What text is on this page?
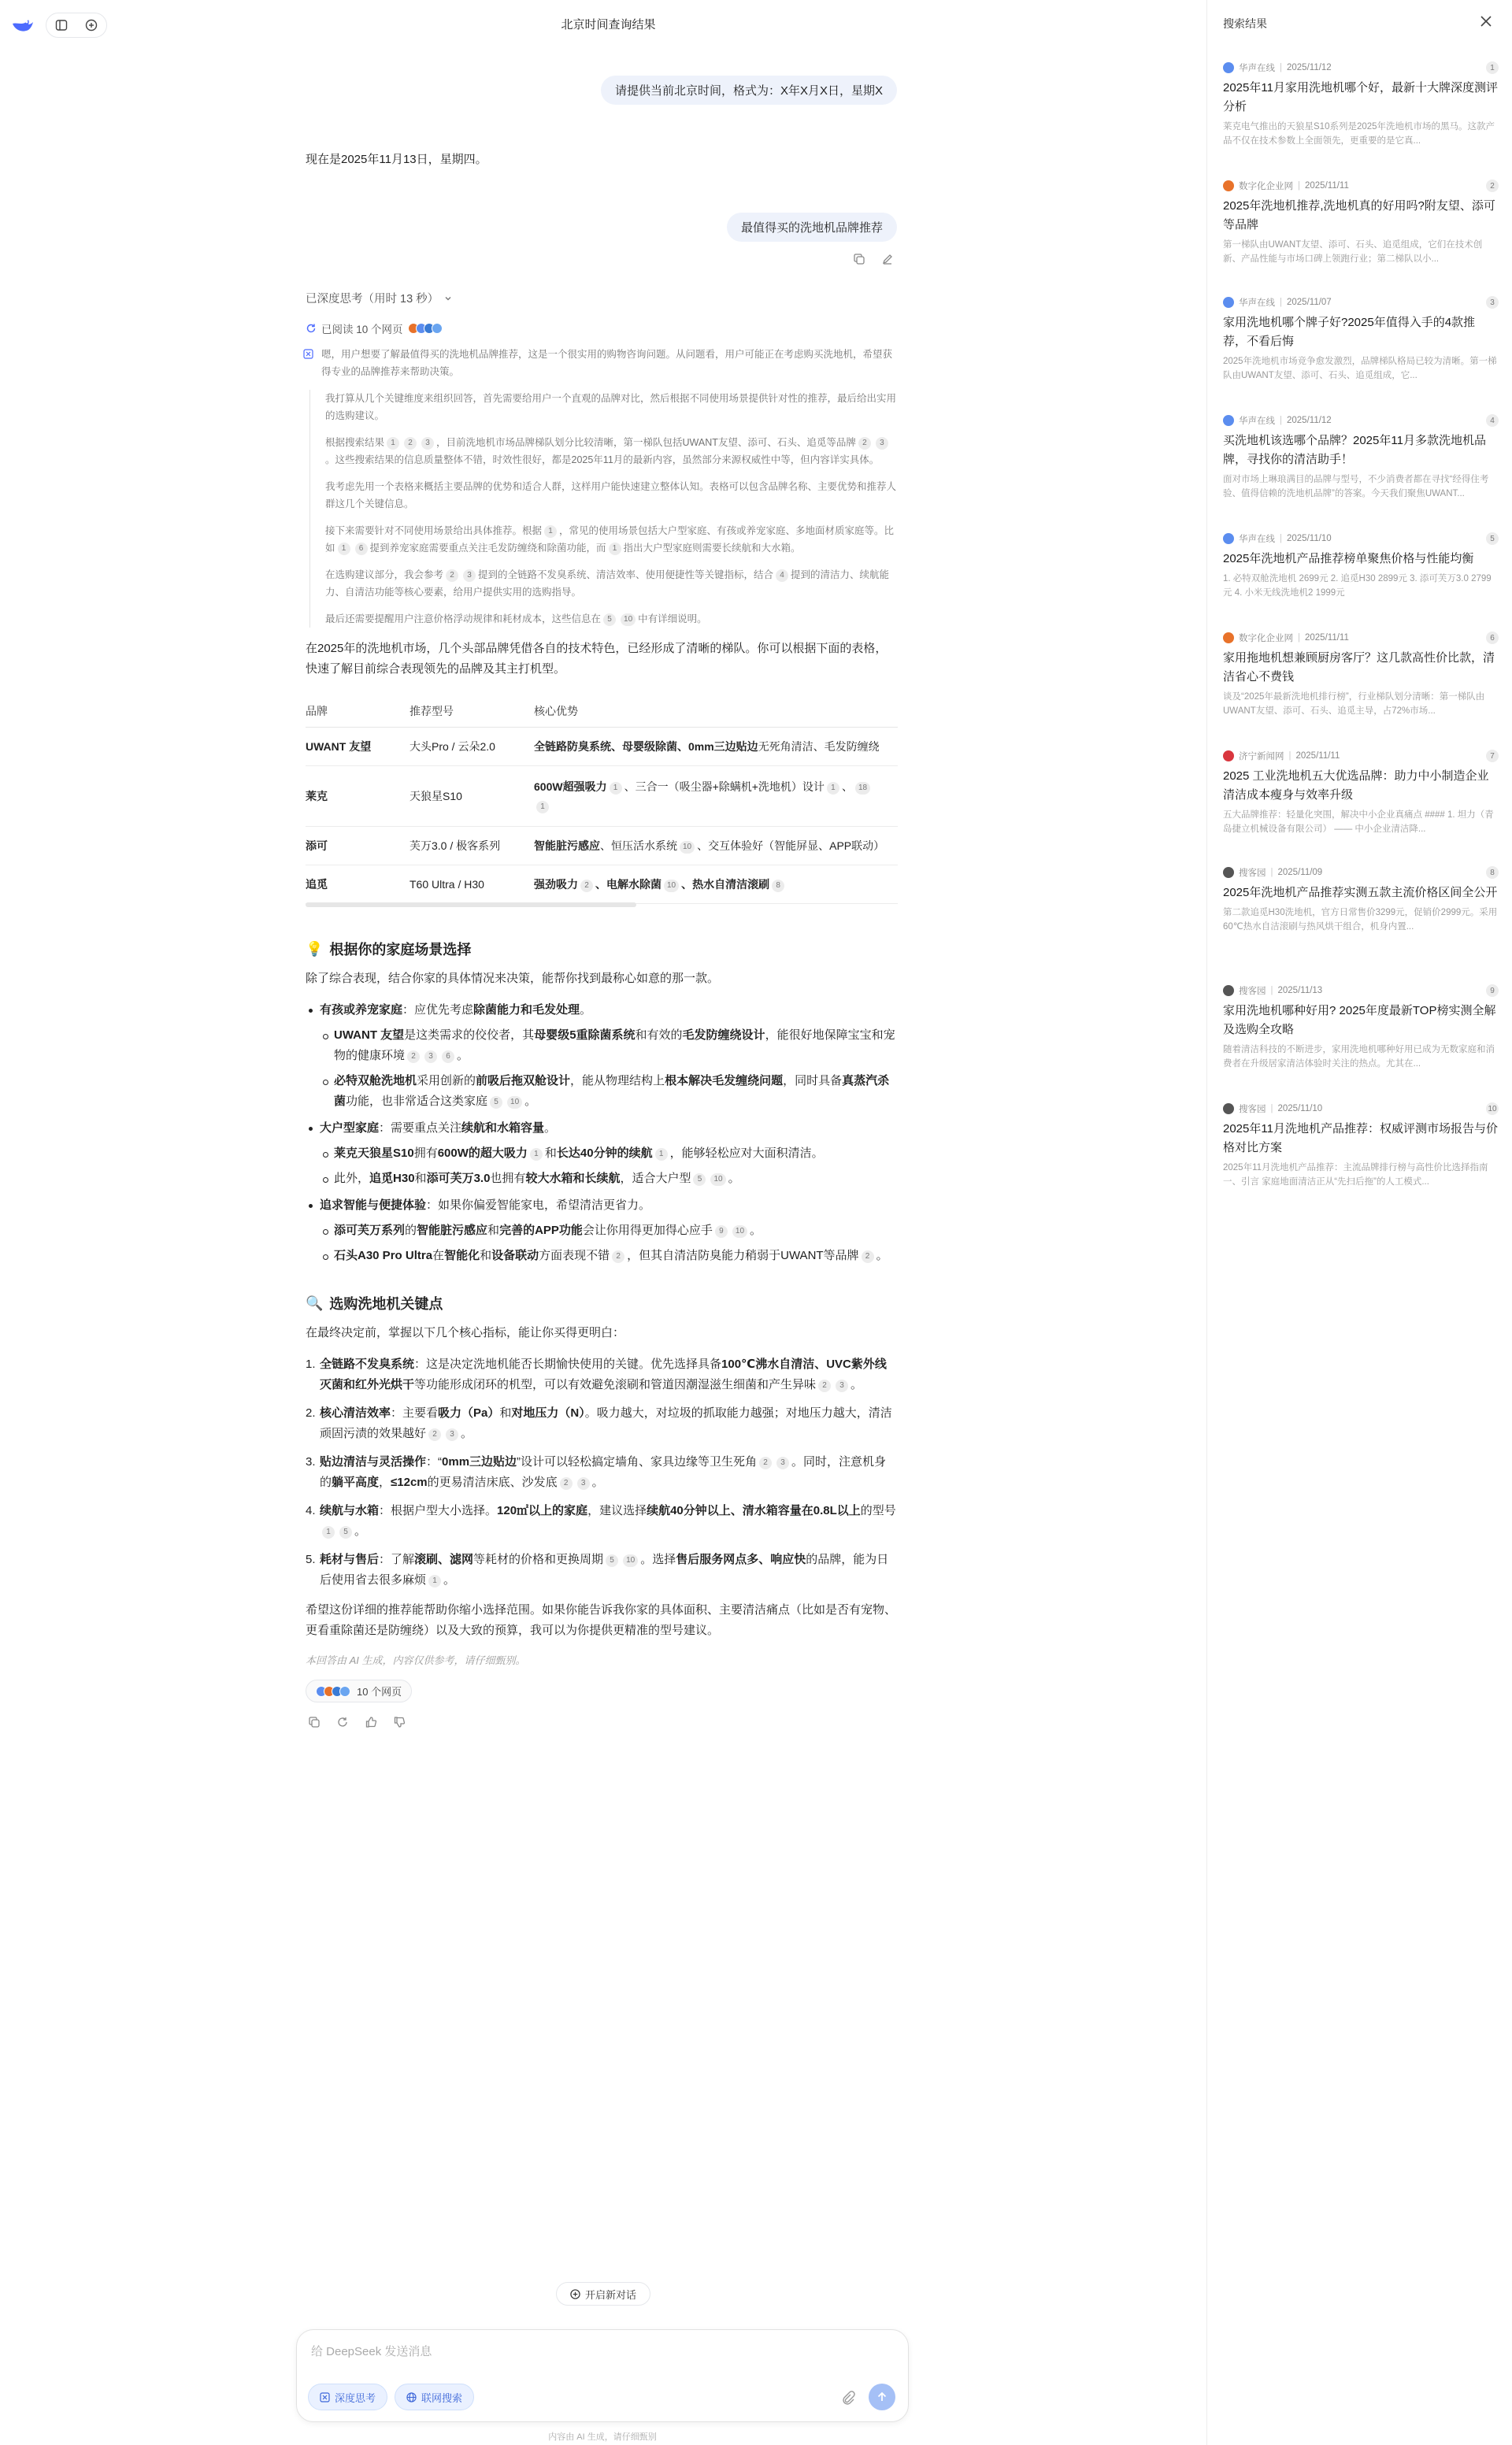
北京时间查询结果
请提供当前北京时间，格式为：X年X月X日，星期X
现在是2025年11月13日，星期四。
最值得买的洗地机品牌推荐
已深度思考（用时 13 秒）
已阅读 10 个网页

嗯，用户想要了解最值得买的洗地机品牌推荐，这是一个很实用的购物咨询问题。从问题看，用户可能正在考虑购买洗地机，希望获得专业的品牌推荐来帮助决策。

我打算从几个关键维度来组织回答，首先需要给用户一个直观的品牌对比，然后根据不同使用场景提供针对性的推荐，最后给出实用的选购建议。

根据搜索结果 1 2 3 ，目前洗地机市场品牌梯队划分比较清晰，第一梯队包括UWANT友望、添可、石头、追觅等品牌 2 3。这些搜索结果的信息质量整体不错，时效性很好，都是2025年11月的最新内容，虽然部分来源权威性中等，但内容详实具体。

我考虑先用一个表格来概括主要品牌的优势和适合人群，这样用户能快速建立整体认知。表格可以包含品牌名称、主要优势和推荐人群这几个关键信息。

接下来需要针对不同使用场景给出具体推荐。根据 1 ，常见的使用场景包括大户型家庭、有孩或养宠家庭、多地面材质家庭等。比如 1 6 提到养宠家庭需要重点关注毛发防缠绕和除菌功能，而 1 指出大户型家庭则需要长续航和大水箱。

在选购建议部分，我会参考 2 3 提到的全链路不发臭系统、清洁效率、使用便捷性等关键指标，结合 4 提到的清洁力、续航能力、自清洁功能等核心要素，给用户提供实用的选购指导。

最后还需要提醒用户注意价格浮动规律和耗材成本，这些信息在 5 10 中有详细说明。

在2025年的洗地机市场，几个头部品牌凭借各自的技术特色，已经形成了清晰的梯队。你可以根据下面的表格，快速了解目前综合表现领先的品牌及其主打机型。

品牌	推荐型号	核心优势
UWANT 友望	大头Pro / 云朵2.0	全链路防臭系统、母婴级除菌、0mm三边贴边无死角清洁、毛发防缠绕
莱克	天狼星S10	600W超强吸力 1 、三合一（吸尘器+除螨机+洗地机）设计 1 、 18
1
添可	芙万3.0 / 极客系列	智能脏污感应、恒压活水系统 10 、交互体验好（智能屏显、APP联动）
追觅	T60 Ultra / H30	强劲吸力 2 、电解水除菌 10 、热水自清洁滚刷 8
💡 根据你的家庭场景选择

除了综合表现，结合你家的具体情况来决策，能帮你找到最称心如意的那一款。

有孩或养宠家庭：应优先考虑除菌能力和毛发处理。
UWANT 友望是这类需求的佼佼者，其母婴级5重除菌系统和有效的毛发防缠绕设计，能很好地保障宝宝和宠物的健康环境 2 3 6 。
必特双舱洗地机采用创新的前吸后拖双舱设计，能从物理结构上根本解决毛发缠绕问题，同时具备真蒸汽杀菌功能，也非常适合这类家庭 5 10 。
大户型家庭：需要重点关注续航和水箱容量。
莱克天狼星S10拥有600W的超大吸力 1 和长达40分钟的续航 1 ，能够轻松应对大面积清洁。
此外，追觅H30和添可芙万3.0也拥有较大水箱和长续航，适合大户型 5 10 。
追求智能与便捷体验：如果你偏爱智能家电，希望清洁更省力。
添可芙万系列的智能脏污感应和完善的APP功能会让你用得更加得心应手 9 10 。
石头A30 Pro Ultra在智能化和设备联动方面表现不错 2 ，但其自清洁防臭能力稍弱于UWANT等品牌 2 。
🔍 选购洗地机关键点

在最终决定前，掌握以下几个核心指标，能让你买得更明白：

1. 全链路不发臭系统：这是决定洗地机能否长期愉快使用的关键。优先选择具备100℃沸水自清洁、UVC紫外线灭菌和红外光烘干等功能形成闭环的机型，可以有效避免滚刷和管道因潮湿滋生细菌和产生异味 2 3 。
2. 核心清洁效率：主要看吸力（Pa）和对地压力（N）。吸力越大，对垃圾的抓取能力越强；对地压力越大，清洁顽固污渍的效果越好 2 3 。
3. 贴边清洁与灵活操作：“0mm三边贴边”设计可以轻松搞定墙角、家具边缘等卫生死角 2 3 。同时，注意机身的躺平高度，≤12cm的更易清洁床底、沙发底 2 3 。
4. 续航与水箱：根据户型大小选择。120㎡以上的家庭，建议选择续航40分钟以上、清水箱容量在0.8L以上的型号1 5 。
5. 耗材与售后：了解滚刷、滤网等耗材的价格和更换周期 5 10 。选择售后服务网点多、响应快的品牌，能为日后使用省去很多麻烦 1 。

希望这份详细的推荐能帮助你缩小选择范围。如果你能告诉我你家的具体面积、主要清洁痛点（比如是否有宠物、更看重除菌还是防缠绕）以及大致的预算，我可以为你提供更精准的型号建议。

本回答由 AI 生成，内容仅供参考，请仔细甄别。

10 个网页
开启新对话
给 DeepSeek 发送消息
深度思考	联网搜索
内容由 AI 生成，请仔细甄别
搜索结果
华声在线 | 2025/11/12	1
2025年11月家用洗地机哪个好，最新十大牌深度测评分析
莱克电气推出的天狼星S10系列是2025年洗地机市场的黑马。这款产品不仅在技术参数上全面领先，更重要的是它真...
数字化企业网 | 2025/11/11	2
2025年洗地机推荐,洗地机真的好用吗?附友望、添可等品牌
第一梯队由UWANT友望、添可、石头、追觅组成，它们在技术创新、产品性能与市场口碑上领跑行业；第二梯队以小...
华声在线 | 2025/11/07	3
家用洗地机哪个牌子好?2025年值得入手的4款推荐，不看后悔
2025年洗地机市场竞争愈发激烈，品牌梯队格局已较为清晰。第一梯队由UWANT友望、添可、石头、追觅组成，它...
华声在线 | 2025/11/12	4
买洗地机该选哪个品牌？2025年11月多款洗地机品牌，寻找你的清洁助手！
面对市场上琳琅满目的品牌与型号，不少消费者都在寻找“经得住考验、值得信赖的洗地机品牌”的答案。今天我们聚焦UWANT...
华声在线 | 2025/11/10	5
2025年洗地机产品推荐榜单聚焦价格与性能均衡
1. 必特双舱洗地机 2699元 2. 追觅H30 2899元 3. 添可芙万3.0 2799元 4. 小米无线洗地机2 1999元
数字化企业网 | 2025/11/11	6
家用拖地机想兼顾厨房客厅？这几款高性价比款，清洁省心不费钱
谈及“2025年最新洗地机排行榜”，行业梯队划分清晰：第一梯队由UWANT友望、添可、石头、追觅主导，占72%市场...
济宁新闻网 | 2025/11/11	7
2025 工业洗地机五大优选品牌：助力中小制造企业清洁成本瘦身与效率升级
五大品牌推荐：轻量化突围，解决中小企业真痛点 #### 1. 坦力（青岛捷立机械设备有限公司） —— 中小企业清洁降...
搜客园 | 2025/11/09	8
2025年洗地机产品推荐实测五款主流价格区间全公开
第二款追觅H30洗地机，官方日常售价3299元，促销价2999元。采用60℃热水自洁滚刷与热风烘干组合，机身内置...
搜客园 | 2025/11/13	9
家用洗地机哪种好用? 2025年度最新TOP榜实测全解及选购全攻略
随着清洁科技的不断进步，家用洗地机哪种好用已成为无数家庭和消费者在升级居家清洁体验时关注的热点。尤其在...
搜客园 | 2025/11/10	10
2025年11月洗地机产品推荐：权威评测市场报告与价格对比方案
2025年11月洗地机产品推荐：主流品牌排行榜与高性价比选择指南 一、引言 家庭地面清洁正从“先扫后拖”的人工模式...
